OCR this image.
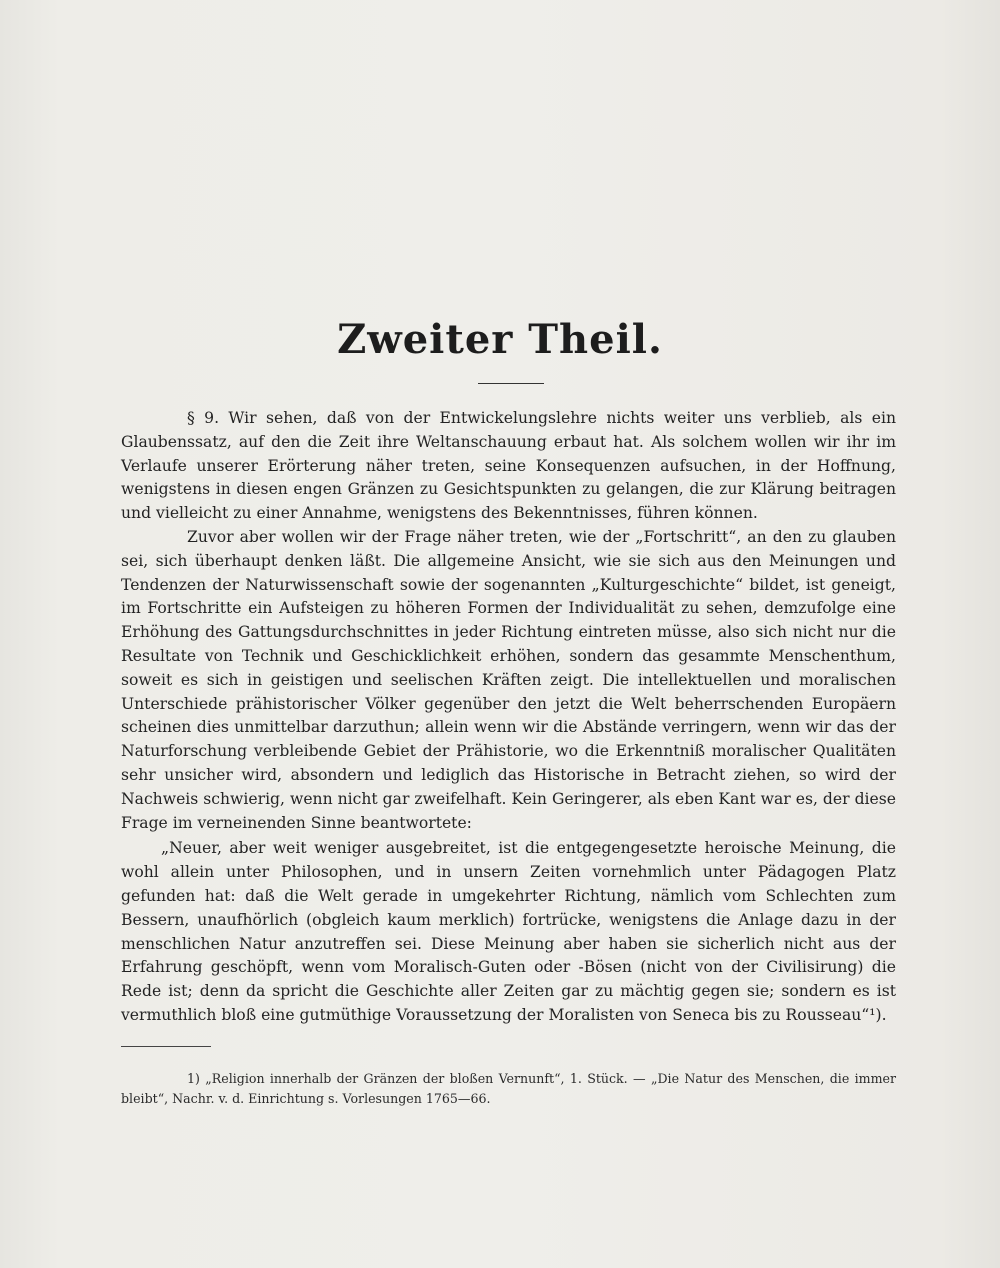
Zweiter Theil.

§ 9. Wir sehen, daß von der Entwickelungslehre nichts weiter uns verblieb, als ein Glaubenssatz, auf den die Zeit ihre Weltanschauung erbaut hat. Als solchem wollen wir ihr im Verlaufe unserer Erörterung näher treten, seine Konsequenzen aufsuchen, in der Hoffnung, wenigstens in diesen engen Gränzen zu Gesichtspunkten zu gelangen, die zur Klärung beitragen und vielleicht zu einer Annahme, wenigstens des Bekenntnisses, führen können.

Zuvor aber wollen wir der Frage näher treten, wie der „Fortschritt“, an den zu glauben sei, sich überhaupt denken läßt. Die allgemeine Ansicht, wie sie sich aus den Meinungen und Tendenzen der Naturwissenschaft sowie der sogenannten „Kulturgeschichte“ bildet, ist geneigt, im Fortschritte ein Aufsteigen zu höheren Formen der Individualität zu sehen, demzufolge eine Erhöhung des Gattungsdurchschnittes in jeder Richtung eintreten müsse, also sich nicht nur die Resultate von Technik und Geschicklichkeit erhöhen, sondern das gesammte Menschenthum, soweit es sich in geistigen und seelischen Kräften zeigt. Die intellektuellen und moralischen Unterschiede prähistorischer Völker gegenüber den jetzt die Welt beherrschenden Europäern scheinen dies unmittelbar darzuthun; allein wenn wir die Abstände verringern, wenn wir das der Naturforschung verbleibende Gebiet der Prähistorie, wo die Erkenntniß moralischer Qualitäten sehr unsicher wird, absondern und lediglich das Historische in Betracht ziehen, so wird der Nachweis schwierig, wenn nicht gar zweifelhaft. Kein Geringerer, als eben Kant war es, der diese Frage im verneinenden Sinne beantwortete:

„Neuer, aber weit weniger ausgebreitet, ist die entgegengesetzte heroische Meinung, die wohl allein unter Philosophen, und in unsern Zeiten vornehmlich unter Pädagogen Platz gefunden hat: daß die Welt gerade in umgekehrter Richtung, nämlich vom Schlechten zum Bessern, unaufhörlich (obgleich kaum merklich) fortrücke, wenigstens die Anlage dazu in der menschlichen Natur anzutreffen sei. Diese Meinung aber haben sie sicherlich nicht aus der Erfahrung geschöpft, wenn vom Moralisch-Guten oder -Bösen (nicht von der Civilisirung) die Rede ist; denn da spricht die Geschichte aller Zeiten gar zu mächtig gegen sie; sondern es ist vermuthlich bloß eine gutmüthige Voraussetzung der Moralisten von Seneca bis zu Rousseau“¹).

1) „Religion innerhalb der Gränzen der bloßen Vernunft“, 1. Stück. — „Die Natur des Menschen, die immer bleibt“, Nachr. v. d. Einrichtung s. Vorlesungen 1765—66.
